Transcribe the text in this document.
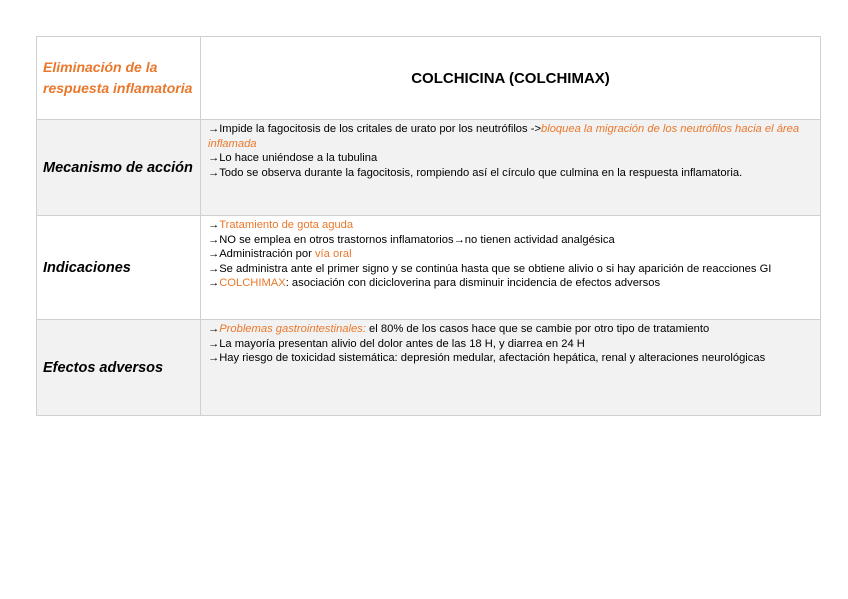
Eliminación de la respuesta inflamatoria	COLCHICINA (COLCHIMAX)
Mecanismo de acción	→Impide la fagocitosis de los critales de urato por los neutrófilos ->bloquea la migración de los neutrófilos hacia el área inflamada
→Lo hace uniéndose a la tubulina
→Todo se observa durante la fagocitosis, rompiendo así el círculo que culmina en la respuesta inflamatoria.

Indicaciones	→Tratamiento de gota aguda
→NO se emplea en otros trastornos inflamatorios→no tienen actividad analgésica
→Administración por vía oral
→Se administra ante el primer signo y se continúa hasta que se obtiene alivio o si hay aparición de reacciones GI
→COLCHIMAX: asociación con dicicloverina para disminuir incidencia de efectos adversos

Efectos adversos	→Problemas gastrointestinales: el 80% de los casos hace que se cambie por otro tipo de tratamiento
→La mayoría presentan alivio del dolor antes de las 18 H, y diarrea en 24 H
→Hay riesgo de toxicidad sistemática: depresión medular, afectación hepática, renal y alteraciones neurológicas
